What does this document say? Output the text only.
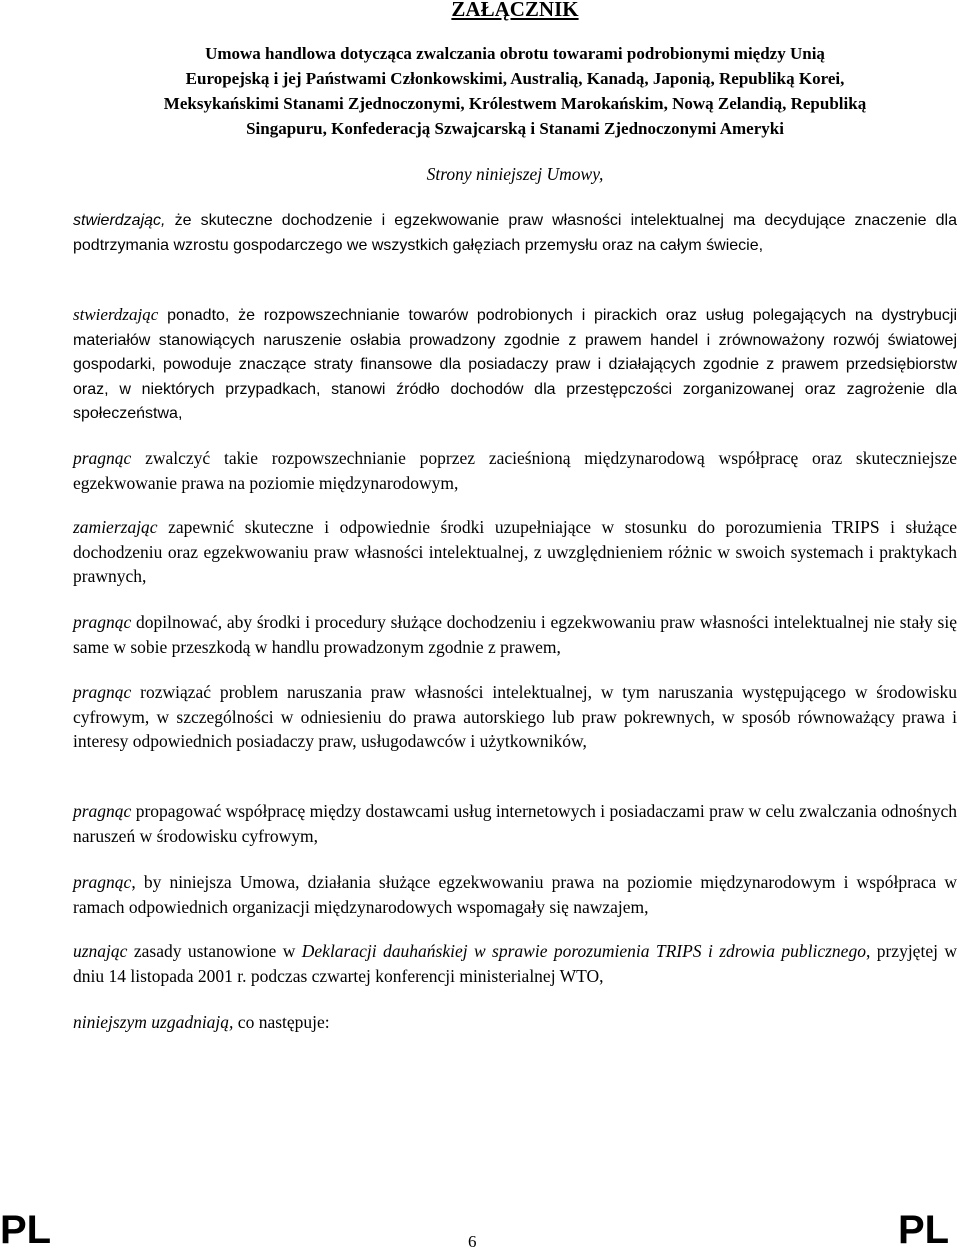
ZAŁĄCZNIK
Umowa handlowa dotycząca zwalczania obrotu towarami podrobionymi między Unią
Europejską i jej Państwami Członkowskimi, Australią, Kanadą, Japonią, Republiką Korei,
Meksykańskimi Stanami Zjednoczonymi, Królestwem Marokańskim, Nową Zelandią, Republiką
Singapuru, Konfederacją Szwajcarską i Stanami Zjednoczonymi Ameryki
Strony niniejszej Umowy,

stwierdzając, że skuteczne dochodzenie i egzekwowanie praw własności intelektualnej ma decydujące znaczenie dla podtrzymania wzrostu gospodarczego we wszystkich gałęziach przemysłu oraz na całym świecie,

stwierdzając ponadto, że rozpowszechnianie towarów podrobionych i pirackich oraz usług polegających na dystrybucji materiałów stanowiących naruszenie osłabia prowadzony zgodnie z prawem handel i zrównoważony rozwój światowej gospodarki, powoduje znaczące straty finansowe dla posiadaczy praw i działających zgodnie z prawem przedsiębiorstw oraz, w niektórych przypadkach, stanowi źródło dochodów dla przestępczości zorganizowanej oraz zagrożenie dla społeczeństwa,

pragnąc zwalczyć takie rozpowszechnianie poprzez zacieśnioną międzynarodową współpracę oraz skuteczniejsze egzekwowanie prawa na poziomie międzynarodowym,

zamierzając zapewnić skuteczne i odpowiednie środki uzupełniające w stosunku do porozumienia TRIPS i służące dochodzeniu oraz egzekwowaniu praw własności intelektualnej, z uwzględnieniem różnic w swoich systemach i praktykach prawnych,

pragnąc dopilnować, aby środki i procedury służące dochodzeniu i egzekwowaniu praw własności intelektualnej nie stały się same w sobie przeszkodą w handlu prowadzonym zgodnie z prawem,

pragnąc rozwiązać problem naruszania praw własności intelektualnej, w tym naruszania występującego w środowisku cyfrowym, w szczególności w odniesieniu do prawa autorskiego lub praw pokrewnych, w sposób równoważący prawa i interesy odpowiednich posiadaczy praw, usługodawców i użytkowników,

pragnąc propagować współpracę między dostawcami usług internetowych i posiadaczami praw w celu zwalczania odnośnych naruszeń w środowisku cyfrowym,

pragnąc, by niniejsza Umowa, działania służące egzekwowaniu prawa na poziomie międzynarodowym i współpraca w ramach odpowiednich organizacji międzynarodowych wspomagały się nawzajem,

uznając zasady ustanowione w Deklaracji dauhańskiej w sprawie porozumienia TRIPS i zdrowia publicznego, przyjętej w dniu 14 listopada 2001 r. podczas czwartej konferencji ministerialnej WTO,

niniejszym uzgadniają, co następuje:

PL	6	PL
